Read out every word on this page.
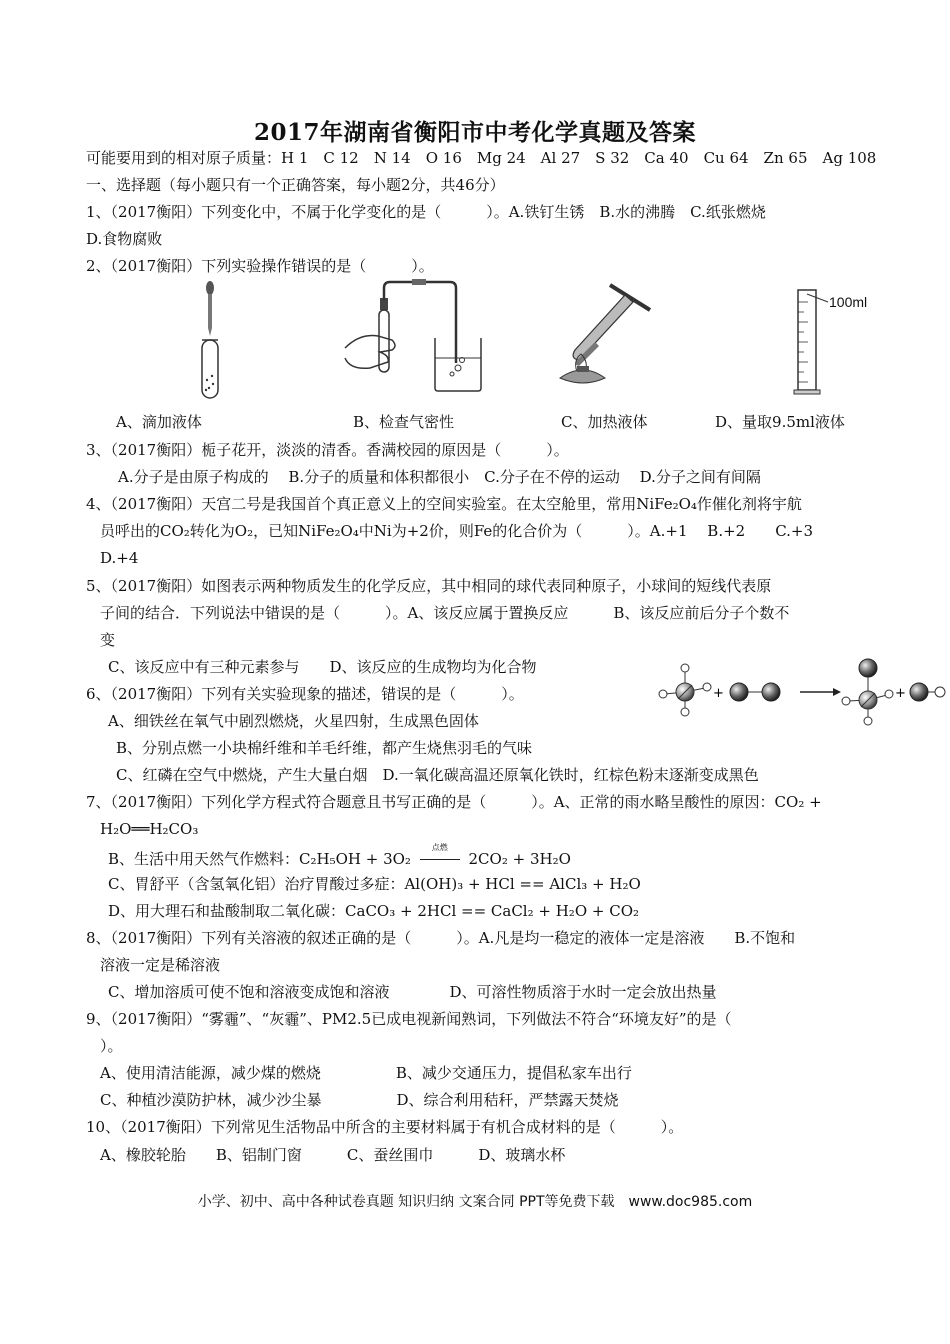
2017年湖南省衡阳市中考化学真题及答案
可能要用到的相对原子质量：H 1　C 12　N 14　O 16　Mg 24　Al 27　S 32　Ca 40　Cu 64　Zn 65　Ag 108
一、选择题（每小题只有一个正确答案，每小题2分，共46分）
1、（2017衡阳）下列变化中，不属于化学变化的是（　　　）。A.铁钉生锈　B.水的沸腾　C.纸张燃烧
D.食物腐败
2、（2017衡阳）下列实验操作错误的是（　　　）。
100ml
A、滴加液体	B、检查气密性	C、加热液体	D、量取9.5ml液体
3、（2017衡阳）栀子花开，淡淡的清香。香满校园的原因是（　　　）。
A.分子是由原子构成的　 B.分子的质量和体积都很小　C.分子在不停的运动　 D.分子之间有间隔
4、（2017衡阳）天宫二号是我国首个真正意义上的空间实验室。在太空舱里，常用NiFe₂O₄作催化剂将宇航
员呼出的CO₂转化为O₂，已知NiFe₂O₄中Ni为+2价，则Fe的化合价为（　　　）。A.+1　 B.+2　　C.+3
D.+4
5、（2017衡阳）如图表示两种物质发生的化学反应，其中相同的球代表同种原子，小球间的短线代表原
子间的结合．下列说法中错误的是（　　　）。A、该反应属于置换反应　　　B、该反应前后分子个数不
变
C、该反应中有三种元素参与　　D、该反应的生成物均为化合物
+	+
6、（2017衡阳）下列有关实验现象的描述，错误的是（　　　）。
A、细铁丝在氧气中剧烈燃烧，火星四射，生成黑色固体
B、分别点燃一小块棉纤维和羊毛纤维，都产生烧焦羽毛的气味
C、红磷在空气中燃烧，产生大量白烟　D.一氧化碳高温还原氧化铁时，红棕色粉末逐渐变成黑色
7、（2017衡阳）下列化学方程式符合题意且书写正确的是（　　　）。A、正常的雨水略呈酸性的原因：CO₂ +
H₂O══H₂CO₃
B、生活中用天然气作燃料：C₂H₅OH + 3O₂
点燃
2CO₂ + 3H₂O
C、胃舒平（含氢氧化铝）治疗胃酸过多症：Al(OH)₃ + HCl == AlCl₃ + H₂O
D、用大理石和盐酸制取二氧化碳：CaCO₃ + 2HCl == CaCl₂ + H₂O + CO₂
8、（2017衡阳）下列有关溶液的叙述正确的是（　　　）。A.凡是均一稳定的液体一定是溶液　　B.不饱和
溶液一定是稀溶液
C、增加溶质可使不饱和溶液变成饱和溶液　　　　D、可溶性物质溶于水时一定会放出热量
9、（2017衡阳）“雾霾”、“灰霾”、PM2.5已成电视新闻熟词，下列做法不符合“环境友好”的是（
）。
A、使用清洁能源，减少煤的燃烧　　　　　B、减少交通压力，提倡私家车出行
C、种植沙漠防护林，减少沙尘暴　　　　　D、综合利用秸秆，严禁露天焚烧
10、（2017衡阳）下列常见生活物品中所含的主要材料属于有机合成材料的是（　　　）。
A、橡胶轮胎　　B、铝制门窗　　　C、蚕丝围巾　　　D、玻璃水杯
小学、初中、高中各种试卷真题 知识归纳 文案合同 PPT等免费下载　www.doc985.com
